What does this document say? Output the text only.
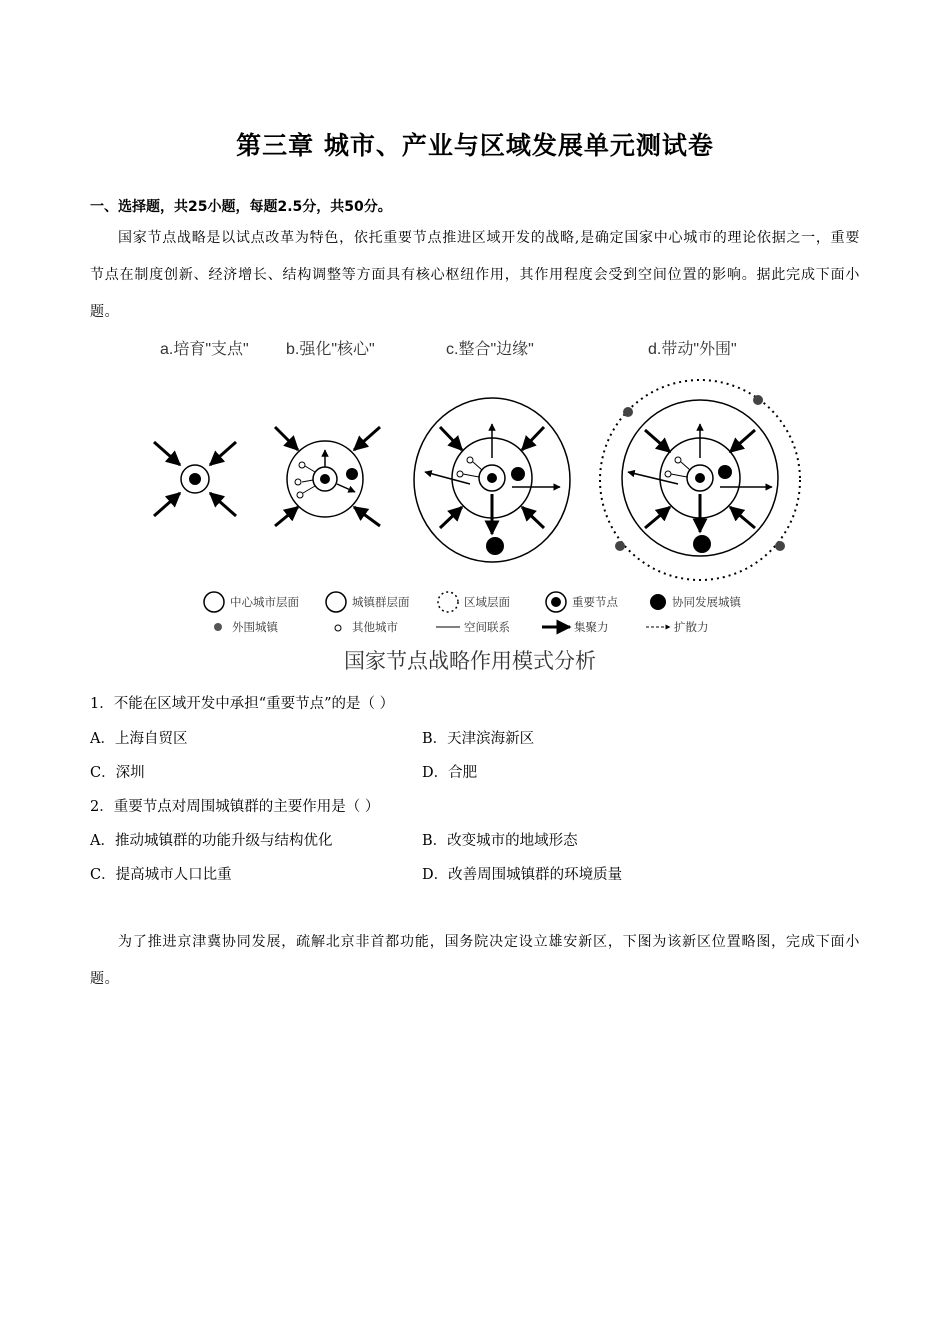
第三章 城市、产业与区域发展单元测试卷
一、选择题，共25小题，每题2.5分，共50分。
国家节点战略是以试点改革为特色，依托重要节点推进区域开发的战略,是确定国家中心城市的理论依据之一，重要节点在制度创新、经济增长、结构调整等方面具有核心枢纽作用，其作用程度会受到空间位置的影响。据此完成下面小题。
a.培育"支点" b.强化"核心"	c.整合"边缘"	d.带动"外围"
中心城市层面	城镇群层面	区域层面	重要节点	协同发展城镇
外围城镇	其他城市	空间联系	集聚力	扩散力
国家节点战略作用模式分析
1．不能在区域开发中承担“重要节点”的是（ ）
A．上海自贸区	B．天津滨海新区
C．深圳	D．合肥
2．重要节点对周围城镇群的主要作用是（ ）
A．推动城镇群的功能升级与结构优化	B．改变城市的地域形态
C．提高城市人口比重	D．改善周围城镇群的环境质量
为了推进京津冀协同发展，疏解北京非首都功能，国务院决定设立雄安新区，下图为该新区位置略图，完成下面小题。
